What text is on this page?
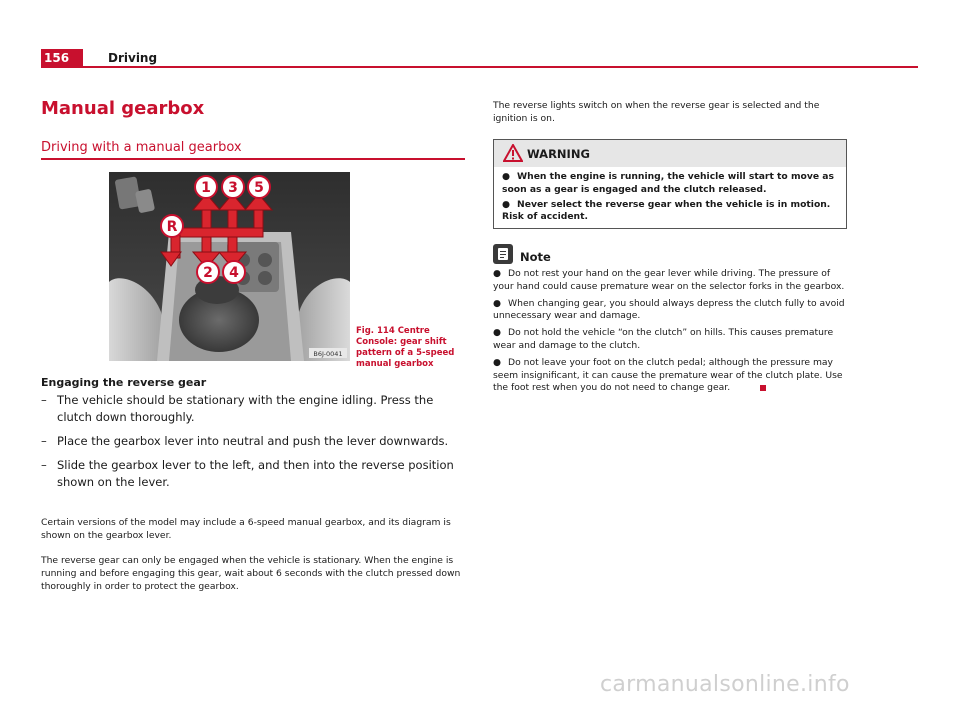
156	Driving
Manual gearbox
Driving with a manual gearbox
1 3 5
R
2 4
B6J-0041
Fig. 114 Centre Console: gear shift pattern of a 5-speed manual gearbox
Engaging the reverse gear
– The vehicle should be stationary with the engine idling. Press the clutch down thoroughly.
– Place the gearbox lever into neutral and push the lever downwards.
– Slide the gearbox lever to the left, and then into the reverse position shown on the lever.

Certain versions of the model may include a 6-speed manual gearbox, and its diagram is shown on the gearbox lever.

The reverse gear can only be engaged when the vehicle is stationary. When the engine is running and before engaging this gear, wait about 6 seconds with the clutch pressed down thoroughly in order to protect the gearbox.

The reverse lights switch on when the reverse gear is selected and the ignition is on.

WARNING
● When the engine is running, the vehicle will start to move as soon as a gear is engaged and the clutch released.
● Never select the reverse gear when the vehicle is in motion. Risk of accident.
Note
● Do not rest your hand on the gear lever while driving. The pressure of your hand could cause premature wear on the selector forks in the gearbox.
● When changing gear, you should always depress the clutch fully to avoid unnecessary wear and damage.
● Do not hold the vehicle “on the clutch” on hills. This causes premature wear and damage to the clutch.
● Do not leave your foot on the clutch pedal; although the pressure may seem insignificant, it can cause the premature wear of the clutch plate. Use the foot rest when you do not need to change gear.
carmanualsonline.info
